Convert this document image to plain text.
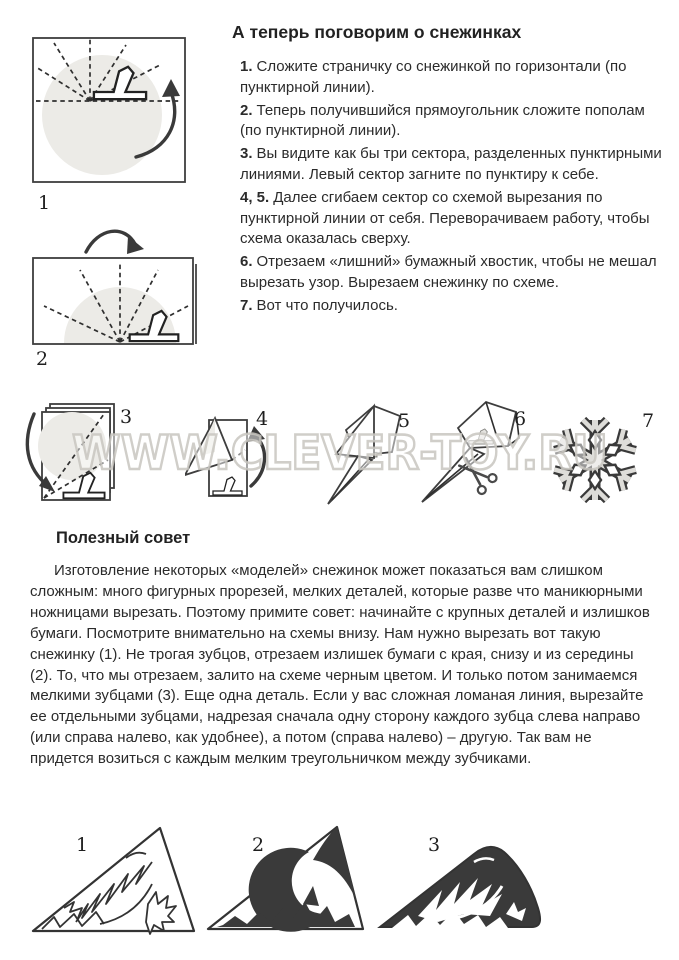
1
2
А теперь поговорим о снежинках

1. Сложите страничку со снежинкой по горизонтали (по пунктирной линии).

2. Теперь получившийся прямоугольник сложите пополам (по пунктирной линии).

3. Вы видите как бы три сектора, разделенных пунктирными линиями. Левый сектор загните по пунктиру к себе.

4, 5. Далее сгибаем сектор со схемой вырезания по пунктирной линии от себя. Переворачиваем работу, чтобы схема оказалась сверху.

6. Отрезаем «лишний» бумажный хвостик, чтобы не мешал вырезать узор. Вырезаем снежинку по схеме.

7. Вот что получилось.

3	4	5	6	7
WWW.CLEVER-TOY.RU
Полезный совет

Изготовление некоторых «моделей» снежинок может показаться вам слишком сложным: много фигурных прорезей, мелких деталей, которые разве что маникюрными ножницами вырезать. Поэтому примите совет: начинайте с крупных деталей и излишков бумаги. Посмотрите внимательно на схемы внизу. Нам нужно вырезать вот такую снежинку (1). Не трогая зубцов, отрезаем излишек бумаги с края, снизу и из середины (2). То, что мы отрезаем, залито на схеме черным цветом. И только потом занимаемся мелкими зубцами (3). Еще одна деталь. Если у вас сложная ломаная линия, вырезайте ее отдельными зубцами, надрезая сначала одну сторону каждого зубца слева направо (или справа налево, как удобнее), а потом (справа налево) – другую. Так вам не придется возиться с каждым мелким треугольничком между зубчиками.

1	2	3
